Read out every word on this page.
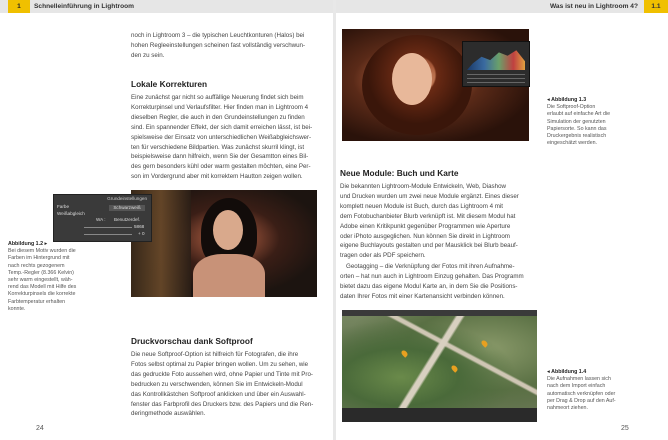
1	Schnelleinführung in Lightroom
noch in Lightroom 3 – die typischen Leuchtkonturen (Halos) bei
hohen Regleeinstellungen scheinen fast vollständig verschwun-
den zu sein.
Lokale Korrekturen
Eine zunächst gar nicht so auffällige Neuerung findet sich beim
Korrekturpinsel und Verlaufsfilter. Hier finden man in Lightroom 4
dieselben Regler, die auch in den Grundeinstellungen zu finden
sind. Ein spannender Effekt, der sich damit erreichen lässt, ist bei-
spielsweise der Einsatz von unterschiedlichen Weißabgleichswer-
ten für verschiedene Bildpartien. Was zunächst skurril klingt, ist
beispielsweise dann hilfreich, wenn Sie der Gesamtton eines Bil-
des gern besonders kühl oder warm gestalten möchten, eine Per-
son im Vordergrund aber mit korrektem Hautton zeigen wollen.
Grundeinstellungen
Farbe
Weißabgleich
Schwarzweiß
WA : Benutzerdef.
5868
+ 0
Abbildung 1.2 ▸
Bei diesem Motiv wurden die
Farben im Hintergrund mit
nach rechts gezogenem
Temp.-Regler (8.366 Kelvin)
sehr warm eingestellt, wäh-
rend das Modell mit Hilfe des
Korrekturpinsels die korrekte
Farbtemperatur erhalten
konnte.
Druckvorschau dank Softproof
Die neue Softproof-Option ist hilfreich für Fotografen, die ihre
Fotos selbst optimal zu Papier bringen wollen. Um zu sehen, wie
das gedruckte Foto aussehen wird, ohne Papier und Tinte mit Pro-
bedrucken zu verschwenden, können Sie im Entwickeln-Modul
das Kontrollkästchen Softproof anklicken und über ein Auswahl-
fenster das Farbprofil des Druckers bzw. des Papiers und die Ren-
deringmethode auswählen.
24
Was ist neu in Lightroom 4?	1.1
◂ Abbildung 1.3
Die Softproof-Option
erlaubt auf einfache Art die
Simulation der genutzten
Papiersorte. So kann das
Druckergebnis realistisch
eingeschätzt werden.
Neue Module: Buch und Karte
Die bekannten Lightroom-Module Entwickeln, Web, Diashow
und Drucken wurden um zwei neue Module ergänzt. Eines dieser
komplett neuen Module ist Buch, durch das Lightroom 4 mit
dem Fotobuchanbieter Blurb verknüpft ist. Mit diesem Modul hat
Adobe einen Kritikpunkt gegenüber Programmen wie Aperture
oder iPhoto ausgeglichen. Nun können Sie direkt in Lightroom
eigene Buchlayouts gestalten und per Mausklick bei Blurb beauf-
tragen oder als PDF speichern.
Geotagging – die Verknüpfung der Fotos mit ihren Aufnahme-
orten – hat nun auch in Lightroom Einzug gehalten. Das Programm
bietet dazu das eigene Modul Karte an, in dem Sie die Positions-
daten Ihrer Fotos mit einer Kartenansicht verbinden können.
◂ Abbildung 1.4
Die Aufnahmen lassen sich
nach dem Import einfach
automatisch verknüpfen oder
per Drag & Drop auf den Auf-
nahmeort ziehen.
25
